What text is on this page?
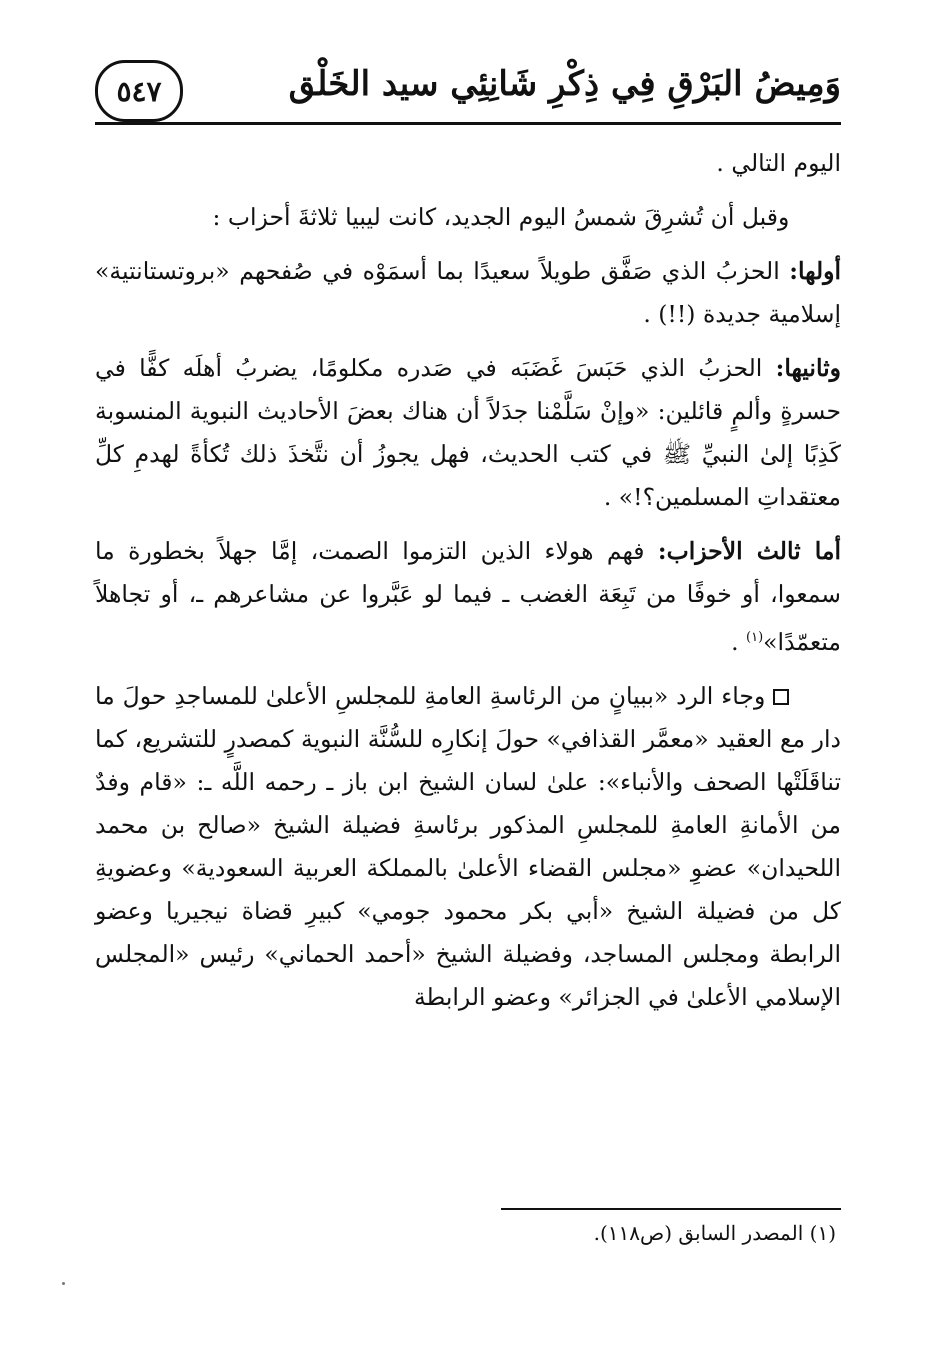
٥٤٧	وَمِيضُ البَرْقِ فِي ذِكْرِ شَانِئِي سيد الخَلْق

اليوم التالي .

وقبل أن تُشرِقَ شمسُ اليوم الجديد، كانت ليبيا ثلاثةَ أحزاب :

أولها: الحزبُ الذي صَفَّق طويلاً سعيدًا بما أسمَوْه في صُفحهم «بروتستانتية» إسلامية جديدة (!!) .

وثانيها: الحزبُ الذي حَبَسَ غَضَبَه في صَدره مكلومًا، يضربُ أهلَه كفًّا في حسرةٍ وألمٍ قائلين: «وإنْ سَلَّمْنا جدَلاً أن هناك بعضَ الأحاديث النبوية المنسوبة كَذِبًا إلىٰ النبيِّ ﷺ في كتب الحديث، فهل يجوزُ أن نتَّخذَ ذلك تُكأةً لهدمِ كلِّ معتقداتِ المسلمين؟!» .

أما ثالث الأحزاب: فهم هولاء الذين التزموا الصمت، إمَّا جهلاً بخطورة ما سمعوا، أو خوفًا من تَبِعَة الغضب ـ فيما لو عَبَّروا عن مشاعرهم ـ، أو تجاهلاً متعمّدًا»$^{(١)}$ .

وجاء الرد «ببيانٍ من الرئاسةِ العامةِ للمجلسِ الأعلىٰ للمساجدِ حولَ ما دار مع العقيد «معمَّر القذافي» حولَ إنكارِه للسُّنَّة النبوية كمصدرٍ للتشريع، كما تناقَلَتْها الصحف والأنباء»: علىٰ لسان الشيخ ابن باز ـ رحمه اللَّه ـ: «قام وفدٌ من الأمانةِ العامةِ للمجلسِ المذكور برئاسةِ فضيلة الشيخ «صالح بن محمد اللحيدان» عضوِ «مجلس القضاء الأعلىٰ بالمملكة العربية السعودية» وعضويةِ كل من فضيلة الشيخ «أبي بكر محمود جومي» كبيرِ قضاة نيجيريا وعضو الرابطة ومجلس المساجد، وفضيلة الشيخ «أحمد الحماني» رئيس «المجلس الإسلامي الأعلىٰ في الجزائر» وعضو الرابطة

(١) المصدر السابق (ص١١٨).
